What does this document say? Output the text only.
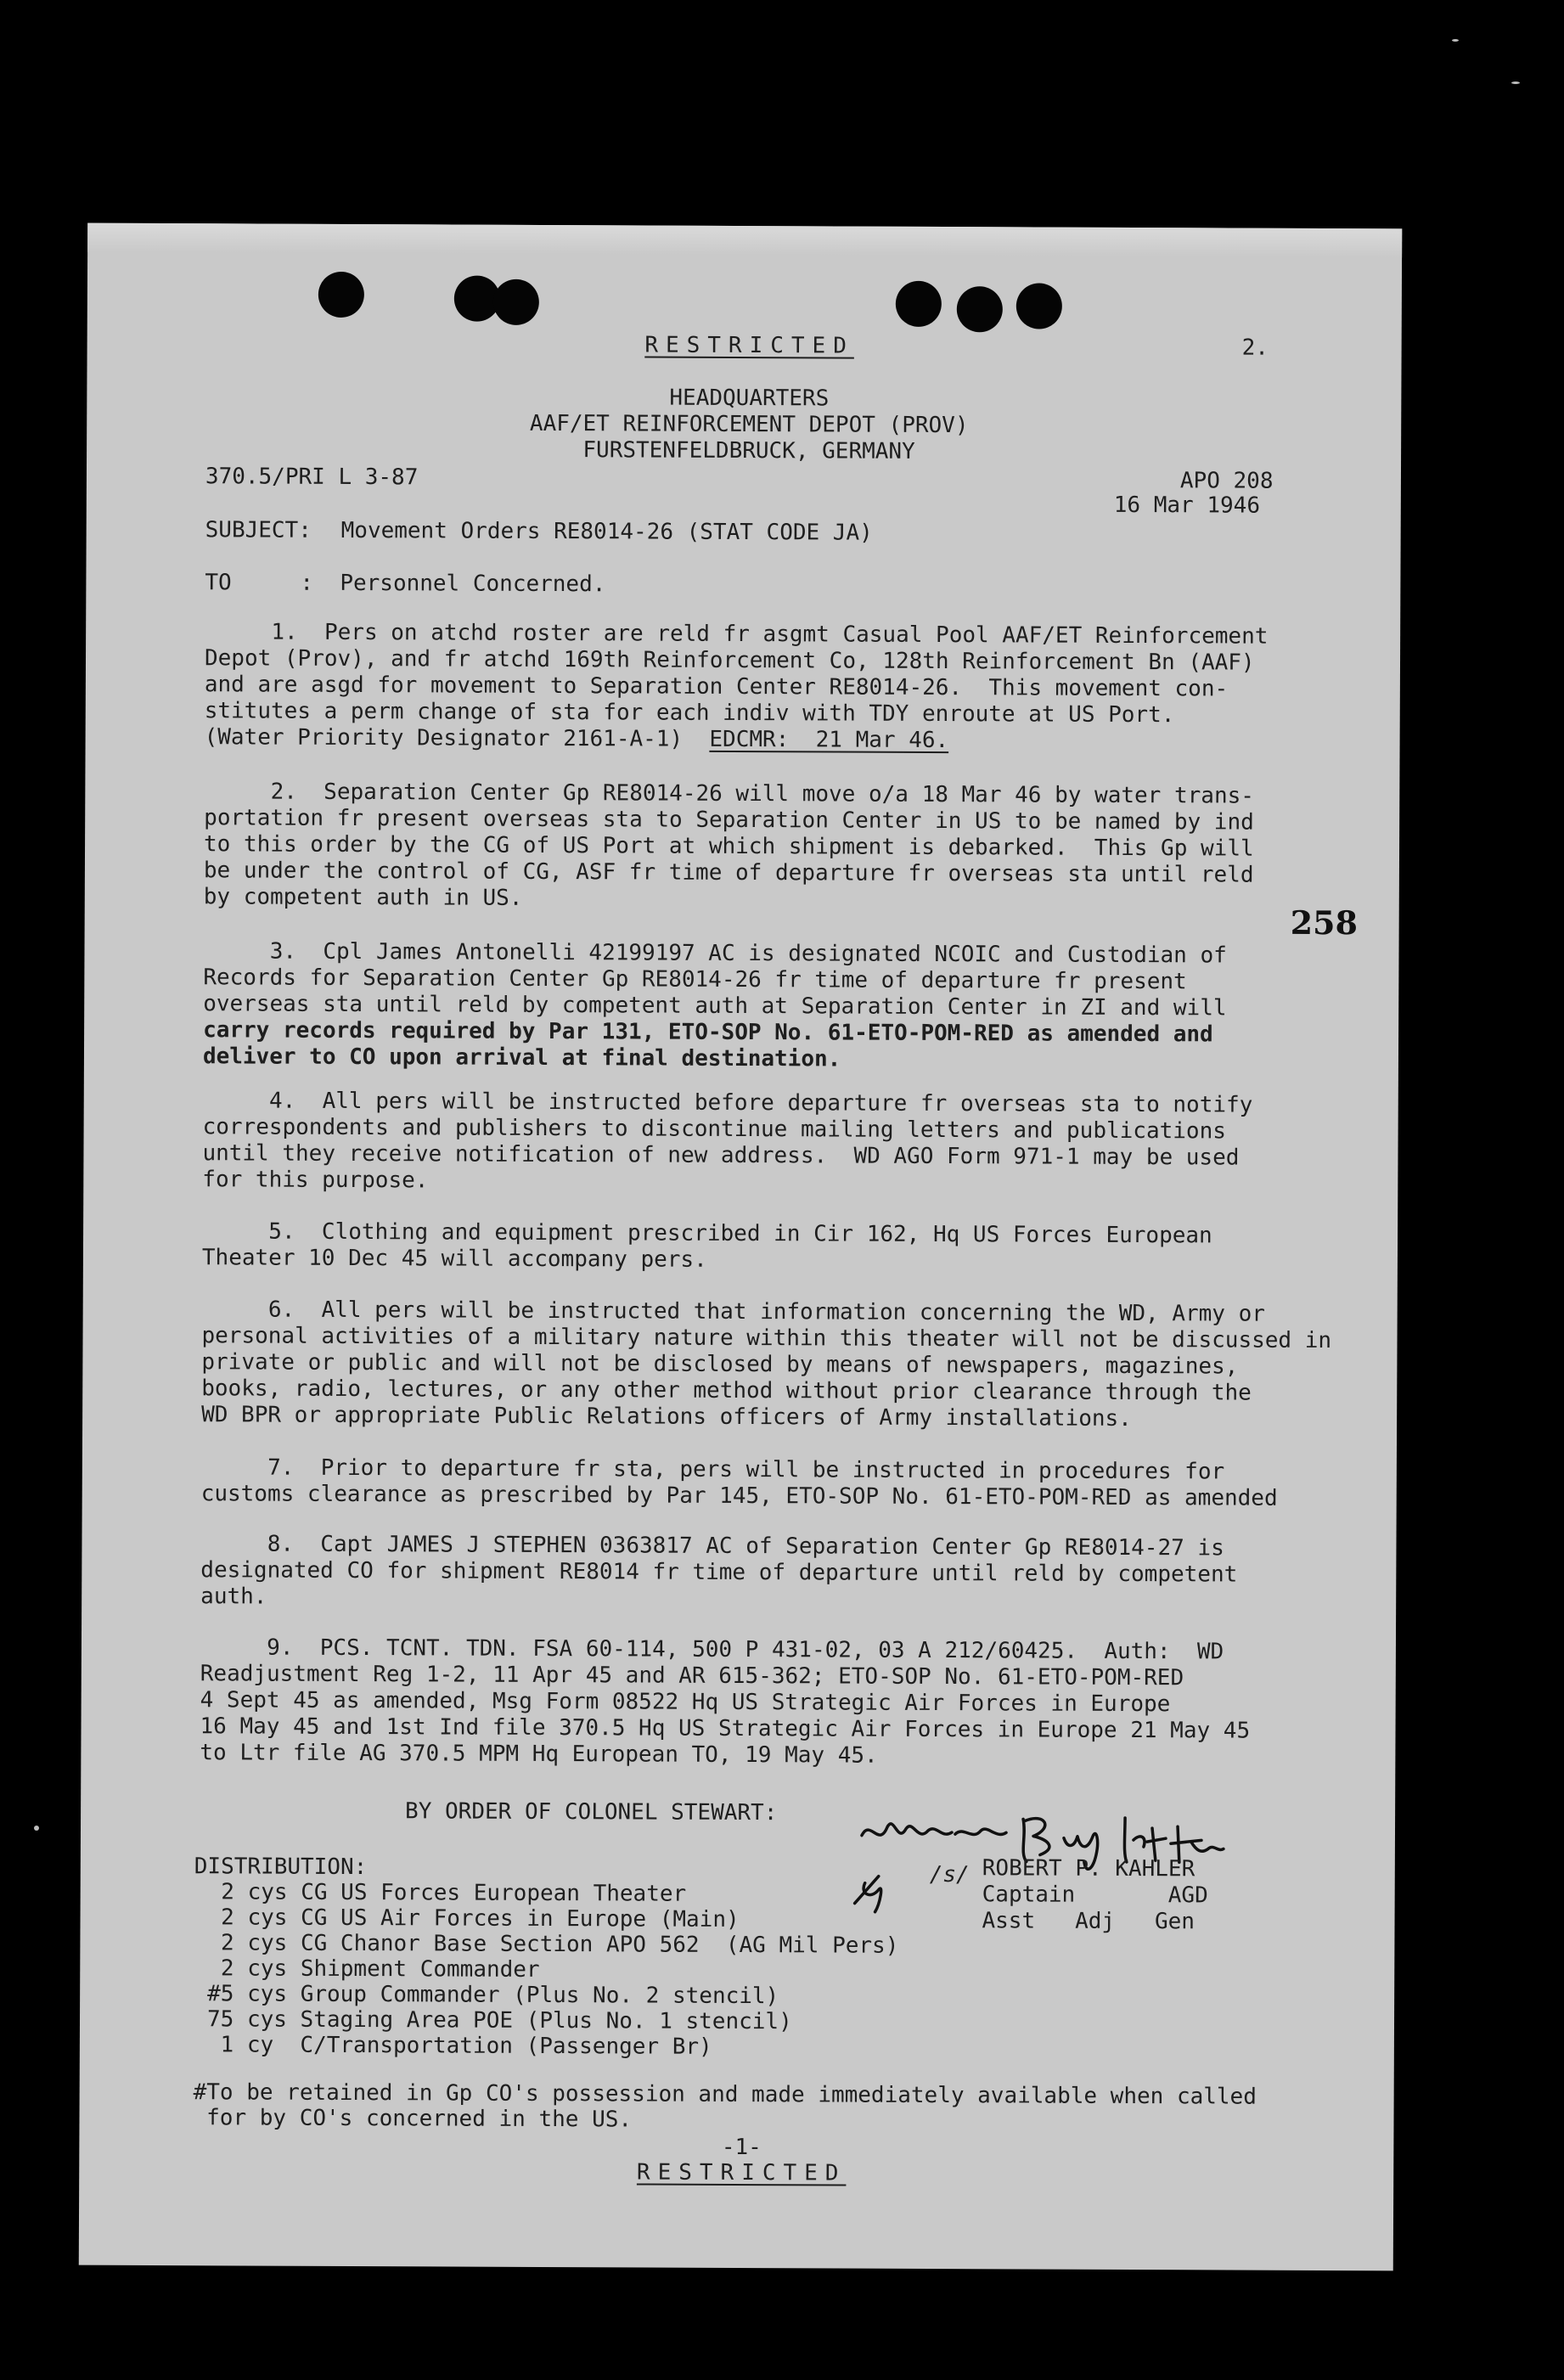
RESTRICTED	2.

HEADQUARTERS

AAF/ET REINFORCEMENT DEPOT (PROV)

FURSTENFELDBRUCK, GERMANY

370.5/PRI L 3-87	APO 208

16 Mar 1946

SUBJECT: Movement Orders RE8014-26 (STAT CODE JA)

TO	:  Personnel Concerned.

1.  Pers on atchd roster are reld fr asgmt Casual Pool AAF/ET Reinforcement

Depot (Prov), and fr atchd 169th Reinforcement Co, 128th Reinforcement Bn (AAF)

and are asgd for movement to Separation Center RE8014-26.  This movement con-

stitutes a perm change of sta for each indiv with TDY enroute at US Port.

(Water Priority Designator 2161-A-1)  EDCMR:  21 Mar 46.

2.  Separation Center Gp RE8014-26 will move o/a 18 Mar 46 by water trans-

portation fr present overseas sta to Separation Center in US to be named by ind

to this order by the CG of US Port at which shipment is debarked.  This Gp will

be under the control of CG, ASF fr time of departure fr overseas sta until reld

by competent auth in US.

258

3.  Cpl James Antonelli 42199197 AC is designated NCOIC and Custodian of

Records for Separation Center Gp RE8014-26 fr time of departure fr present

overseas sta until reld by competent auth at Separation Center in ZI and will

carry records required by Par 131, ETO-SOP No. 61-ETO-POM-RED as amended and

deliver to CO upon arrival at final destination.

4.  All pers will be instructed before departure fr overseas sta to notify

correspondents and publishers to discontinue mailing letters and publications

until they receive notification of new address.  WD AGO Form 971-1 may be used

for this purpose.

5.  Clothing and equipment prescribed in Cir 162, Hq US Forces European

Theater 10 Dec 45 will accompany pers.

6.  All pers will be instructed that information concerning the WD, Army or

personal activities of a military nature within this theater will not be discussed in

private or public and will not be disclosed by means of newspapers, magazines,

books, radio, lectures, or any other method without prior clearance through the

WD BPR or appropriate Public Relations officers of Army installations.

7.  Prior to departure fr sta, pers will be instructed in procedures for

customs clearance as prescribed by Par 145, ETO-SOP No. 61-ETO-POM-RED as amended

8.  Capt JAMES J STEPHEN 0363817 AC of Separation Center Gp RE8014-27 is

designated CO for shipment RE8014 fr time of departure until reld by competent

auth.

9.  PCS. TCNT. TDN. FSA 60-114, 500 P 431-02, 03 A 212/60425.  Auth:  WD

Readjustment Reg 1-2, 11 Apr 45 and AR 615-362; ETO-SOP No. 61-ETO-POM-RED

4 Sept 45 as amended, Msg Form 08522 Hq US Strategic Air Forces in Europe

16 May 45 and 1st Ind file 370.5 Hq US Strategic Air Forces in Europe 21 May 45

to Ltr file AG 370.5 MPM Hq European TO, 19 May 45.

BY ORDER OF COLONEL STEWART:

/s/ ROBERT P. KAHLER

Captain       AGD

Asst   Adj   Gen

DISTRIBUTION:

2 cys CG US Forces European Theater

2 cys CG US Air Forces in Europe (Main)

2 cys CG Chanor Base Section APO 562  (AG Mil Pers)

2 cys Shipment Commander

#5 cys Group Commander (Plus No. 2 stencil)

75 cys Staging Area POE (Plus No. 1 stencil)

1 cy  C/Transportation (Passenger Br)

#To be retained in Gp CO's possession and made immediately available when called

for by CO's concerned in the US.

-1-

RESTRICTED
